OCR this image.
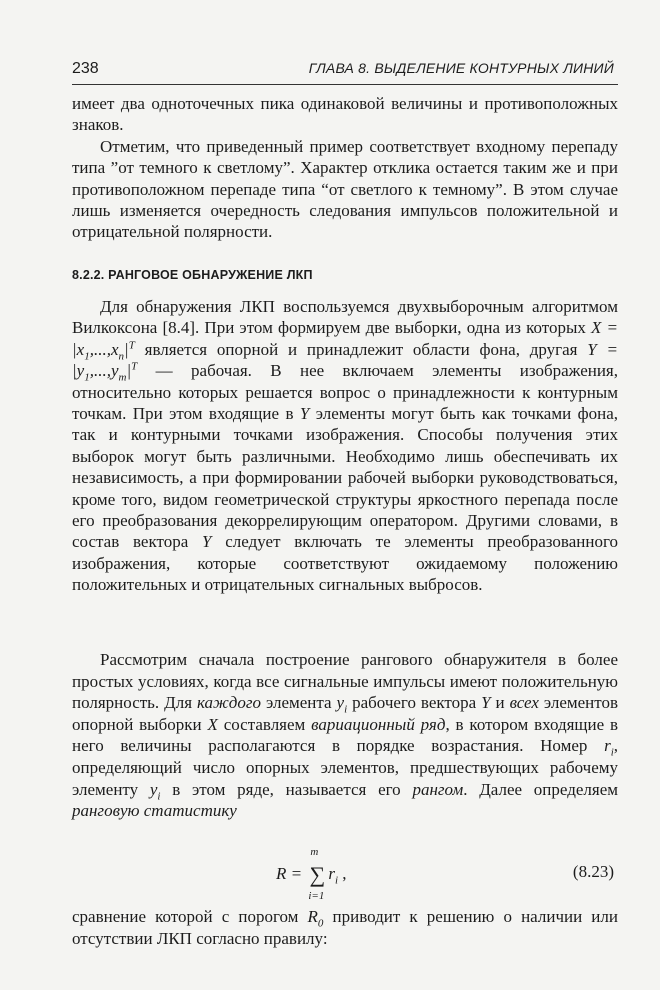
238	ГЛАВА 8. ВЫДЕЛЕНИЕ КОНТУРНЫХ ЛИНИЙ

имеет два одноточечных пика одинаковой величины и противоположных знаков.

Отметим, что приведенный пример соответствует входному перепаду типа ”от темного к светлому”. Характер отклика остается таким же и при противоположном перепаде типа “от светлого к темному”. В этом случае лишь изменяется очередность следования импульсов положительной и отрицательной полярности.

8.2.2. РАНГОВОЕ ОБНАРУЖЕНИЕ ЛКП

Для обнаружения ЛКП воспользуемся двухвыборочным алгоритмом Вилкоксона [8.4]. При этом формируем две выборки, одна из которых $X = |x_1,...,x_n|^T$ является опорной и принадлежит области фона, другая $Y = |y_1,...,y_m|^T$ — рабочая. В нее включаем элементы изображения, относительно которых решается вопрос о принадлежности к контурным точкам. При этом входящие в Y элементы могут быть как точками фона, так и контурными точками изображения. Способы получения этих выборок могут быть различными. Необходимо лишь обеспечивать их независимость, а при формировании рабочей выборки руководствоваться, кроме того, видом геометрической структуры яркостного перепада после его преобразования декоррелирующим оператором. Другими словами, в состав вектора Y следует включать те элементы преобразованного изображения, которые соответствуют ожидаемому положению положительных и отрицательных сигнальных выбросов.

Рассмотрим сначала построение рангового обнаружителя в более простых условиях, когда все сигнальные импульсы имеют положительную полярность. Для каждого элемента $y_i$ рабочего вектора Y и всех элементов опорной выборки X составляем вариационный ряд, в котором входящие в него величины располагаются в порядке возрастания. Номер $r_i$, определяющий число опорных элементов, предшествующих рабочему элементу $y_i$ в этом ряде, называется его рангом. Далее определяем ранговую статистику

R =
m
∑
i=1
$r_i$ ,	(8.23)

сравнение которой с порогом $R_0$ приводит к решению о наличии или отсутствии ЛКП согласно правилу:
